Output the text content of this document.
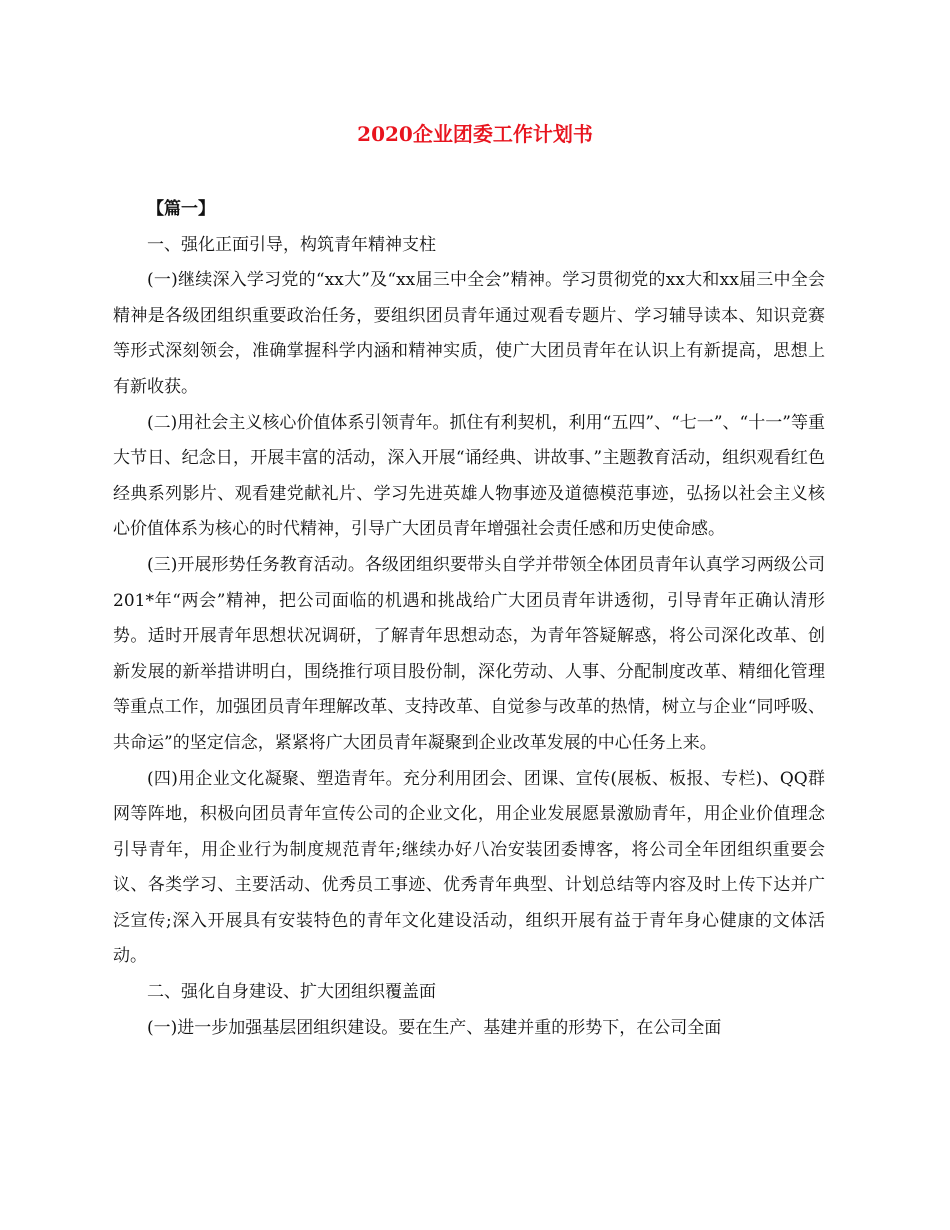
2020企业团委工作计划书

【篇一】

一、强化正面引导，构筑青年精神支柱

(一)继续深入学习党的“xx大”及“xx届三中全会”精神。学习贯彻党的xx大和xx届三中全会精神是各级团组织重要政治任务，要组织团员青年通过观看专题片、学习辅导读本、知识竞赛等形式深刻领会，准确掌握科学内涵和精神实质，使广大团员青年在认识上有新提高，思想上有新收获。

(二)用社会主义核心价值体系引领青年。抓住有利契机，利用“五四”、“七一”、“十一”等重大节日、纪念日，开展丰富的活动，深入开展“诵经典、讲故事、”主题教育活动，组织观看红色经典系列影片、观看建党献礼片、学习先进英雄人物事迹及道德模范事迹，弘扬以社会主义核心价值体系为核心的时代精神，引导广大团员青年增强社会责任感和历史使命感。

(三)开展形势任务教育活动。各级团组织要带头自学并带领全体团员青年认真学习两级公司201*年“两会”精神，把公司面临的机遇和挑战给广大团员青年讲透彻，引导青年正确认清形势。适时开展青年思想状况调研，了解青年思想动态，为青年答疑解惑，将公司深化改革、创新发展的新举措讲明白，围绕推行项目股份制，深化劳动、人事、分配制度改革、精细化管理等重点工作，加强团员青年理解改革、支持改革、自觉参与改革的热情，树立与企业“同呼吸、共命运”的坚定信念，紧紧将广大团员青年凝聚到企业改革发展的中心任务上来。

(四)用企业文化凝聚、塑造青年。充分利用团会、团课、宣传(展板、板报、专栏)、QQ群网等阵地，积极向团员青年宣传公司的企业文化，用企业发展愿景激励青年，用企业价值理念引导青年，用企业行为制度规范青年;继续办好八冶安装团委博客，将公司全年团组织重要会议、各类学习、主要活动、优秀员工事迹、优秀青年典型、计划总结等内容及时上传下达并广泛宣传;深入开展具有安装特色的青年文化建设活动，组织开展有益于青年身心健康的文体活动。

二、强化自身建设、扩大团组织覆盖面

(一)进一步加强基层团组织建设。要在生产、基建并重的形势下，在公司全面
